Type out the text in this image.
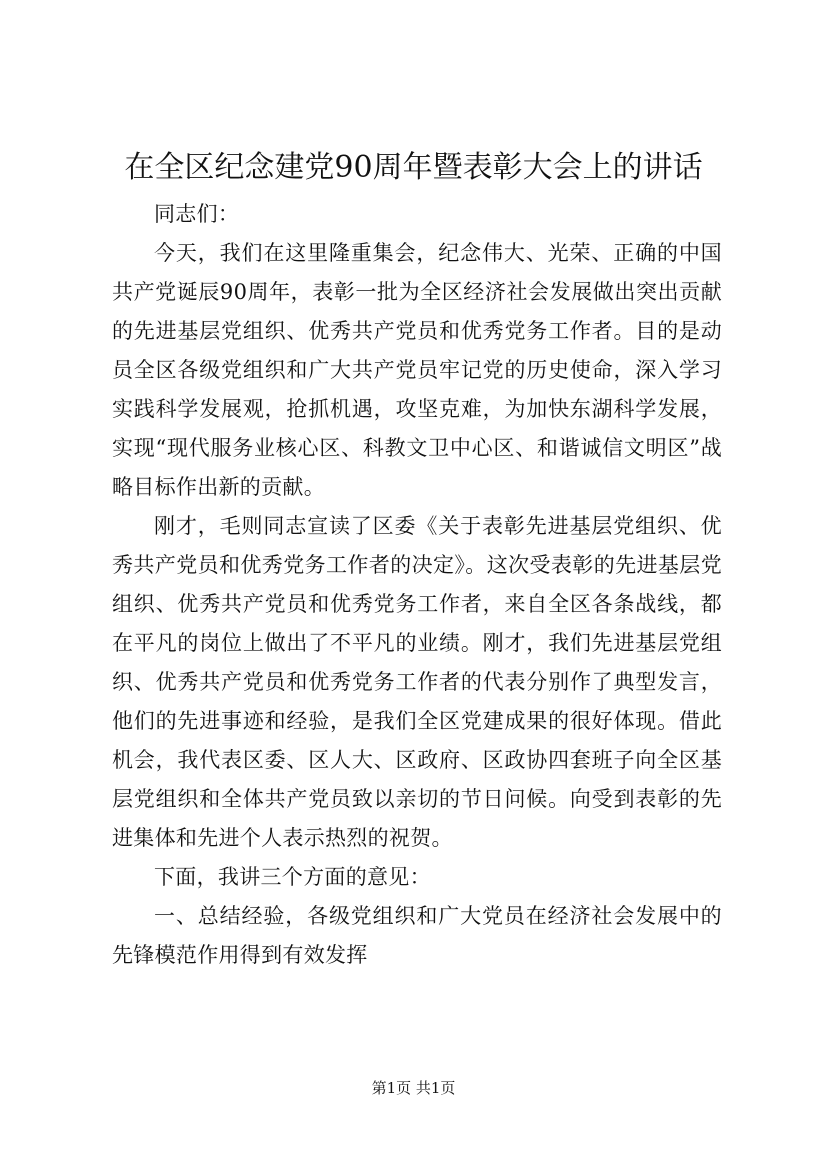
在全区纪念建党90周年暨表彰大会上的讲话

同志们：

今天，我们在这里隆重集会，纪念伟大、光荣、正确的中国共产党诞辰90周年，表彰一批为全区经济社会发展做出突出贡献的先进基层党组织、优秀共产党员和优秀党务工作者。目的是动员全区各级党组织和广大共产党员牢记党的历史使命，深入学习实践科学发展观，抢抓机遇，攻坚克难，为加快东湖科学发展，实现“现代服务业核心区、科教文卫中心区、和谐诚信文明区”战略目标作出新的贡献。

刚才，毛则同志宣读了区委《关于表彰先进基层党组织、优秀共产党员和优秀党务工作者的决定》。这次受表彰的先进基层党组织、优秀共产党员和优秀党务工作者，来自全区各条战线，都在平凡的岗位上做出了不平凡的业绩。刚才，我们先进基层党组织、优秀共产党员和优秀党务工作者的代表分别作了典型发言，他们的先进事迹和经验，是我们全区党建成果的很好体现。借此机会，我代表区委、区人大、区政府、区政协四套班子向全区基层党组织和全体共产党员致以亲切的节日问候。向受到表彰的先进集体和先进个人表示热烈的祝贺。

下面，我讲三个方面的意见：

一、总结经验，各级党组织和广大党员在经济社会发展中的先锋模范作用得到有效发挥

第1页 共1页
